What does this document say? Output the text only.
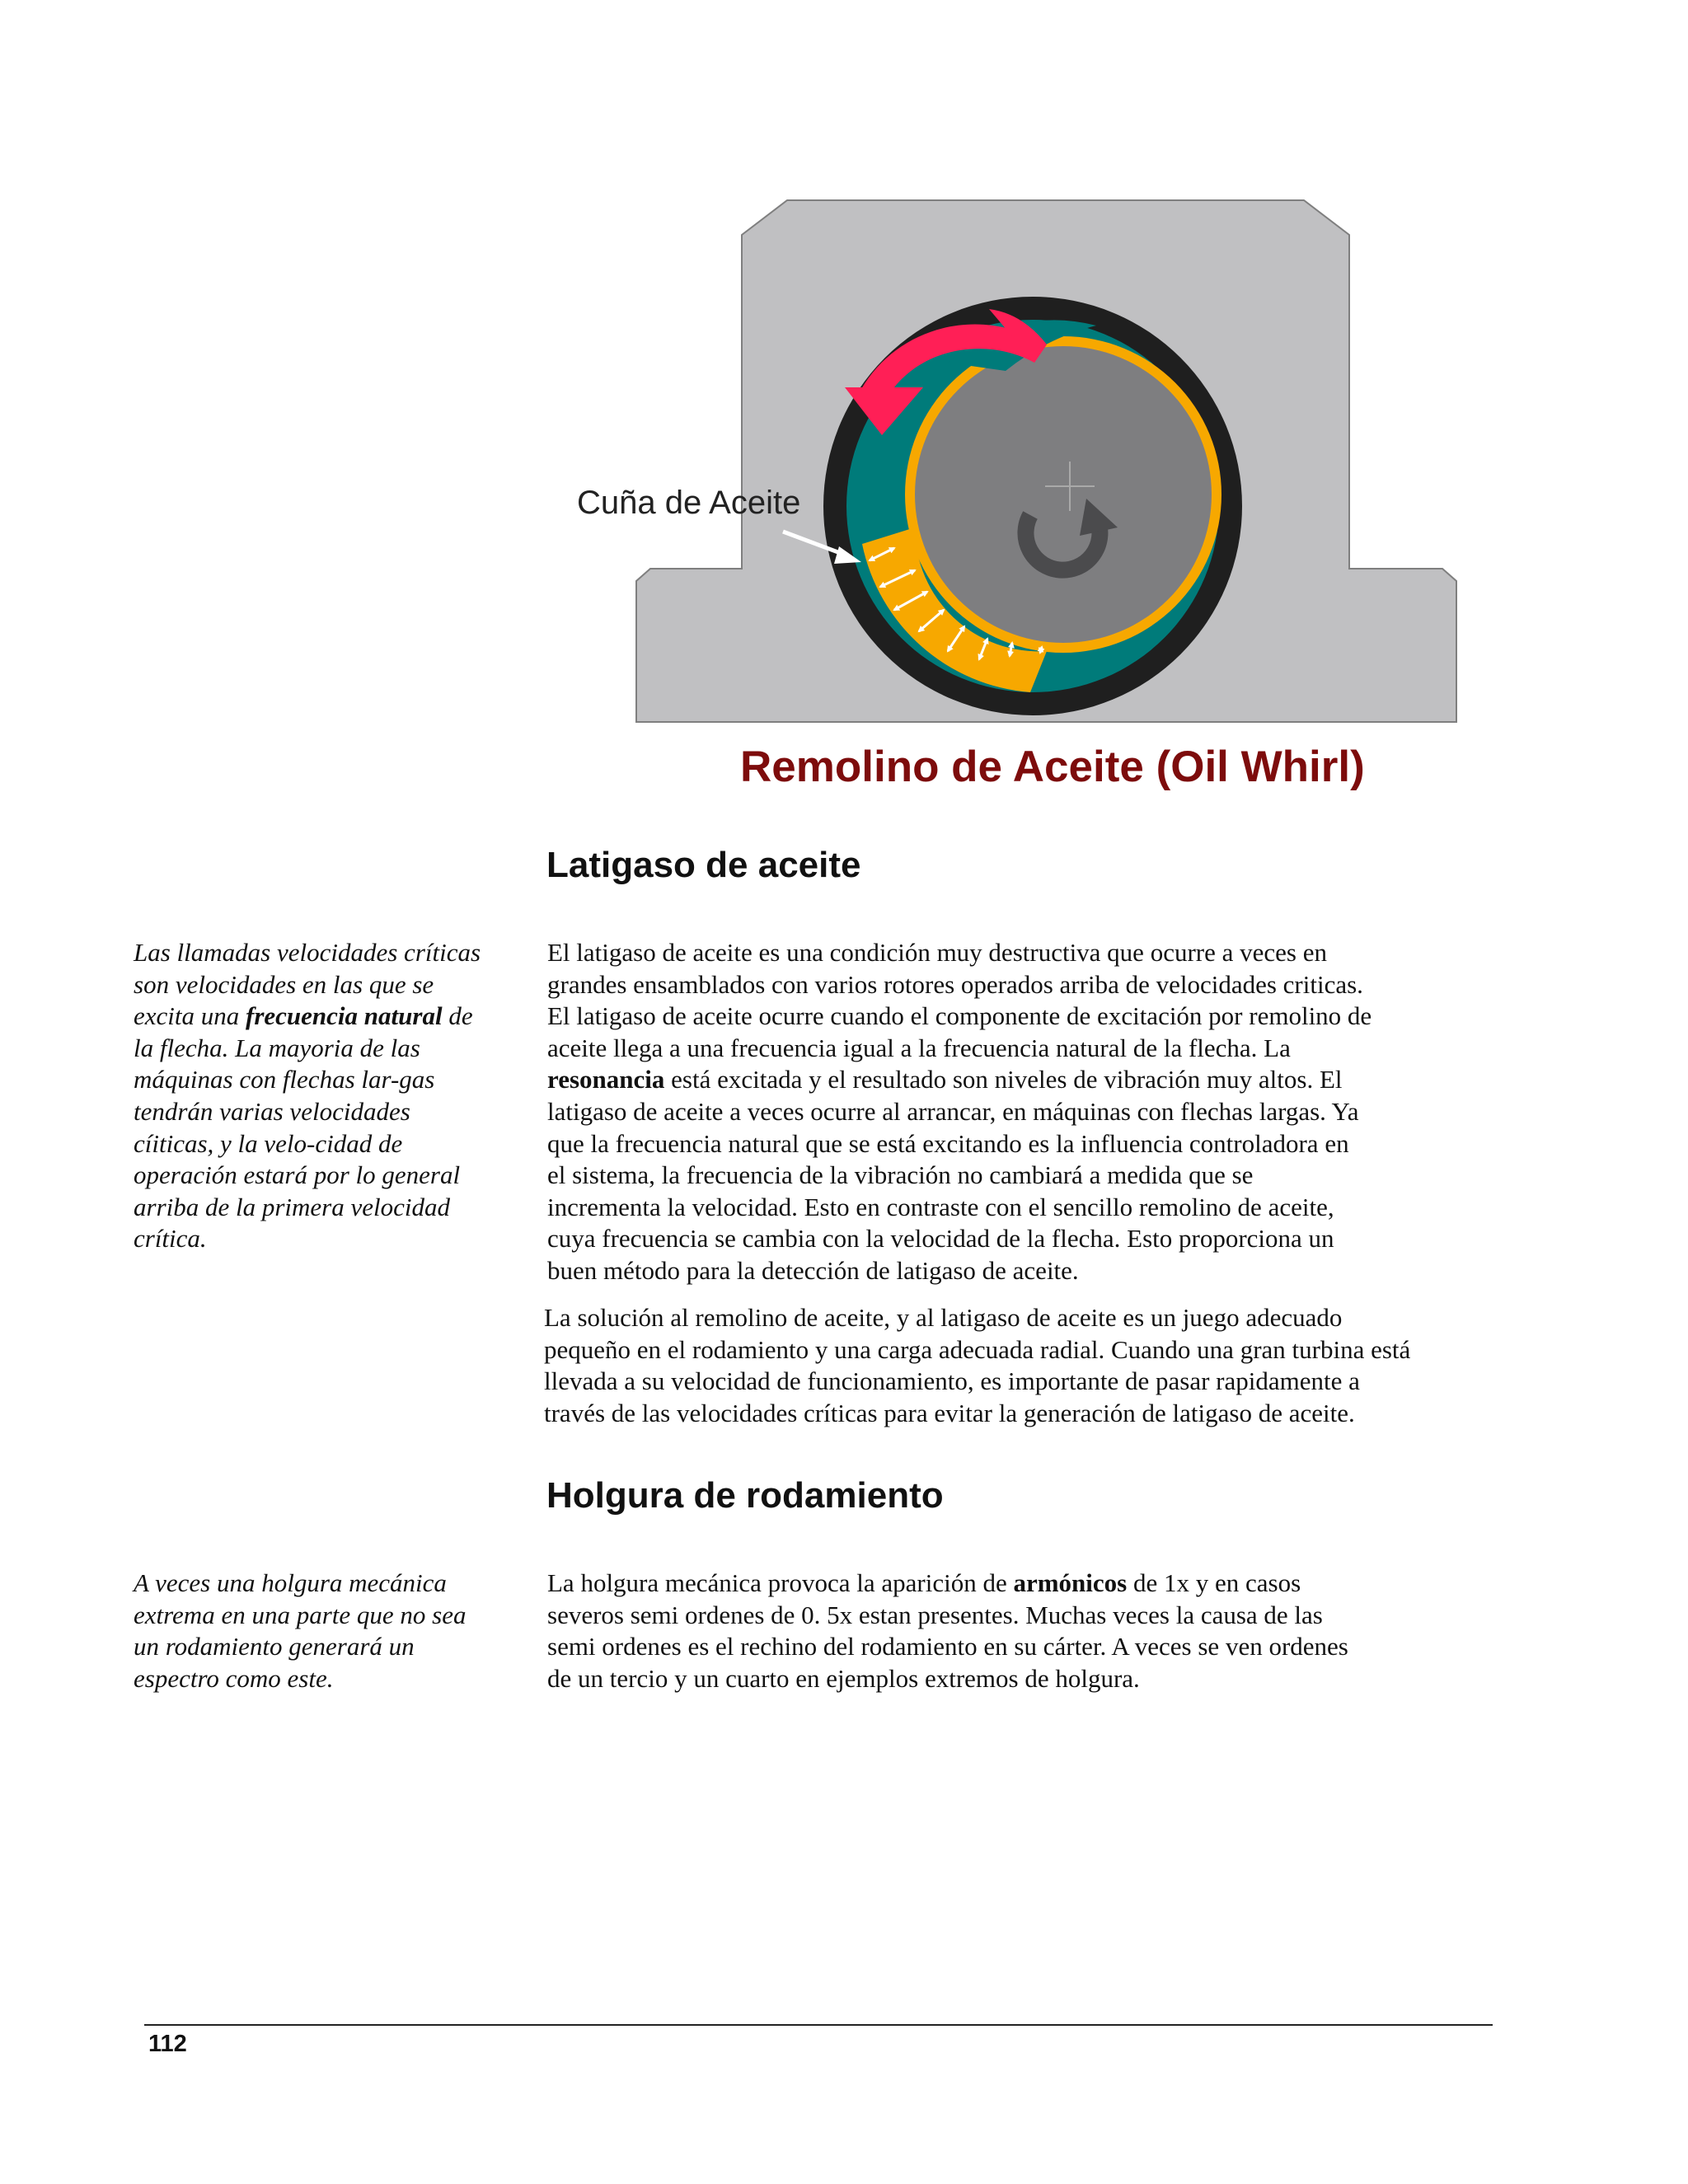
Cuña de Aceite
Remolino de Aceite (Oil Whirl)
Latigaso de aceite

Las llamadas velocidades críticas
son velocidades en las que se
excita una frecuencia natural de
la flecha. La mayoria de las
máquinas con flechas lar-gas
tendrán varias velocidades
cíiticas, y la velo-cidad de
operación estará por lo general
arriba de la primera velocidad
crítica.

El latigaso de aceite es una condición muy destructiva que ocurre a veces en
grandes ensamblados con varios rotores operados arriba de velocidades criticas.
El latigaso de aceite ocurre cuando el componente de excitación por remolino de
aceite llega a una frecuencia igual a la frecuencia natural de la flecha. La
resonancia está excitada y el resultado son niveles de vibración muy altos. El
latigaso de aceite a veces ocurre al arrancar, en máquinas con flechas largas. Ya
que la frecuencia natural que se está excitando es la influencia controladora en
el sistema, la frecuencia de la vibración no cambiará a medida que se
incrementa la velocidad. Esto en contraste con el sencillo remolino de aceite,
cuya frecuencia se cambia con la velocidad de la flecha. Esto proporciona un
buen método para la detección de latigaso de aceite.

La solución al remolino de aceite, y al latigaso de aceite es un juego adecuado
pequeño en el rodamiento y una carga adecuada radial. Cuando una gran turbina está
llevada a su velocidad de funcionamiento, es importante de pasar rapidamente a
través de las velocidades críticas para evitar la generación de latigaso de aceite.

Holgura de rodamiento

A veces una holgura mecánica
extrema en una parte que no sea
un rodamiento generará un
espectro como este.

La holgura mecánica provoca la aparición de armónicos de 1x y en casos
severos semi ordenes de 0. 5x estan presentes. Muchas veces la causa de las
semi ordenes es el rechino del rodamiento en su cárter. A veces se ven ordenes
de un tercio y un cuarto en ejemplos extremos de holgura.

112
